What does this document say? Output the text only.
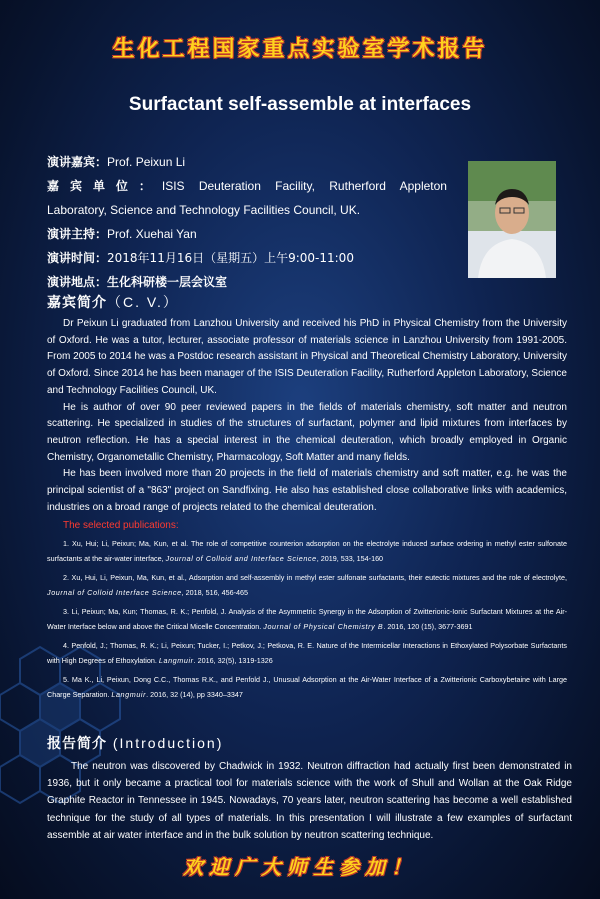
生化工程国家重点实验室学术报告
Surfactant self-assemble at interfaces
演讲嘉宾：Prof. Peixun Li
嘉宾单位：ISIS Deuteration Facility, Rutherford Appleton
Laboratory, Science and Technology Facilities Council, UK.
演讲主持：Prof. Xuehai Yan
演讲时间：2018年11月16日（星期五）上午9:00-11:00
演讲地点：生化科研楼一层会议室
嘉宾简介（C. V.）

Dr Peixun Li graduated from Lanzhou University and received his PhD in Physical Chemistry from the University of Oxford. He was a tutor, lecturer, associate professor of materials science in Lanzhou University from 1991-2005. From 2005 to 2014 he was a Postdoc research assistant in Physical and Theoretical Chemistry Laboratory, University of Oxford. Since 2014 he has been manager of the ISIS Deuteration Facility, Rutherford Appleton Laboratory, Science and Technology Facilities Council, UK.

He is author of over 90 peer reviewed papers in the fields of materials chemistry, soft matter and neutron scattering. He specialized in studies of the structures of surfactant, polymer and lipid mixtures from interfaces by neutron reflection. He has a special interest in the chemical deuteration, which broadly employed in Organic Chemistry, Organometallic Chemistry, Pharmacology, Soft Matter and many fields.

He has been involved more than 20 projects in the field of materials chemistry and soft matter, e.g. he was the principal scientist of a "863" project on Sandfixing. He also has established close collaborative links with academics, industries on a broad range of projects related to the chemical deuteration.

The selected publications:

1. Xu, Hui; Li, Peixun; Ma, Kun, et al. The role of competitive counterion adsorption on the electrolyte induced surface ordering in methyl ester sulfonate surfactants at the air-water interface, Journal of Colloid and Interface Science, 2019, 533, 154-160

2. Xu, Hui, Li, Peixun, Ma, Kun, et al., Adsorption and self-assembly in methyl ester sulfonate surfactants, their eutectic mixtures and the role of electrolyte, Journal of Colloid Interface Science, 2018, 516, 456-465

3. Li, Peixun; Ma, Kun; Thomas, R. K.; Penfold, J. Analysis of the Asymmetric Synergy in the Adsorption of Zwitterionic-Ionic Surfactant Mixtures at the Air-Water Interface below and above the Critical Micelle Concentration. Journal of Physical Chemistry B. 2016, 120 (15), 3677-3691

4. Penfold, J.; Thomas, R. K.; Li, Peixun; Tucker, I.; Petkov, J.; Petkova, R. E. Nature of the Intermicellar Interactions in Ethoxylated Polysorbate Surfactants with High Degrees of Ethoxylation. Langmuir. 2016, 32(5), 1319-1326

5. Ma K., Li, Peixun, Dong C.C., Thomas R.K., and Penfold J., Unusual Adsorption at the Air-Water Interface of a Zwitterionic Carboxybetaine with Large Charge Separation. Langmuir. 2016, 32 (14), pp 3340–3347

报告简介 (Introduction)

The neutron was discovered by Chadwick in 1932. Neutron diffraction had actually first been demonstrated in 1936, but it only became a practical tool for materials science with the work of Shull and Wollan at the Oak Ridge Graphite Reactor in Tennessee in 1945. Nowadays, 70 years later, neutron scattering has become a well established technique for the study of all types of materials. In this presentation I will illustrate a few examples of surfactant assemble at air water interface and in the bulk solution by neutron scattering technique.

欢迎广大师生参加！
